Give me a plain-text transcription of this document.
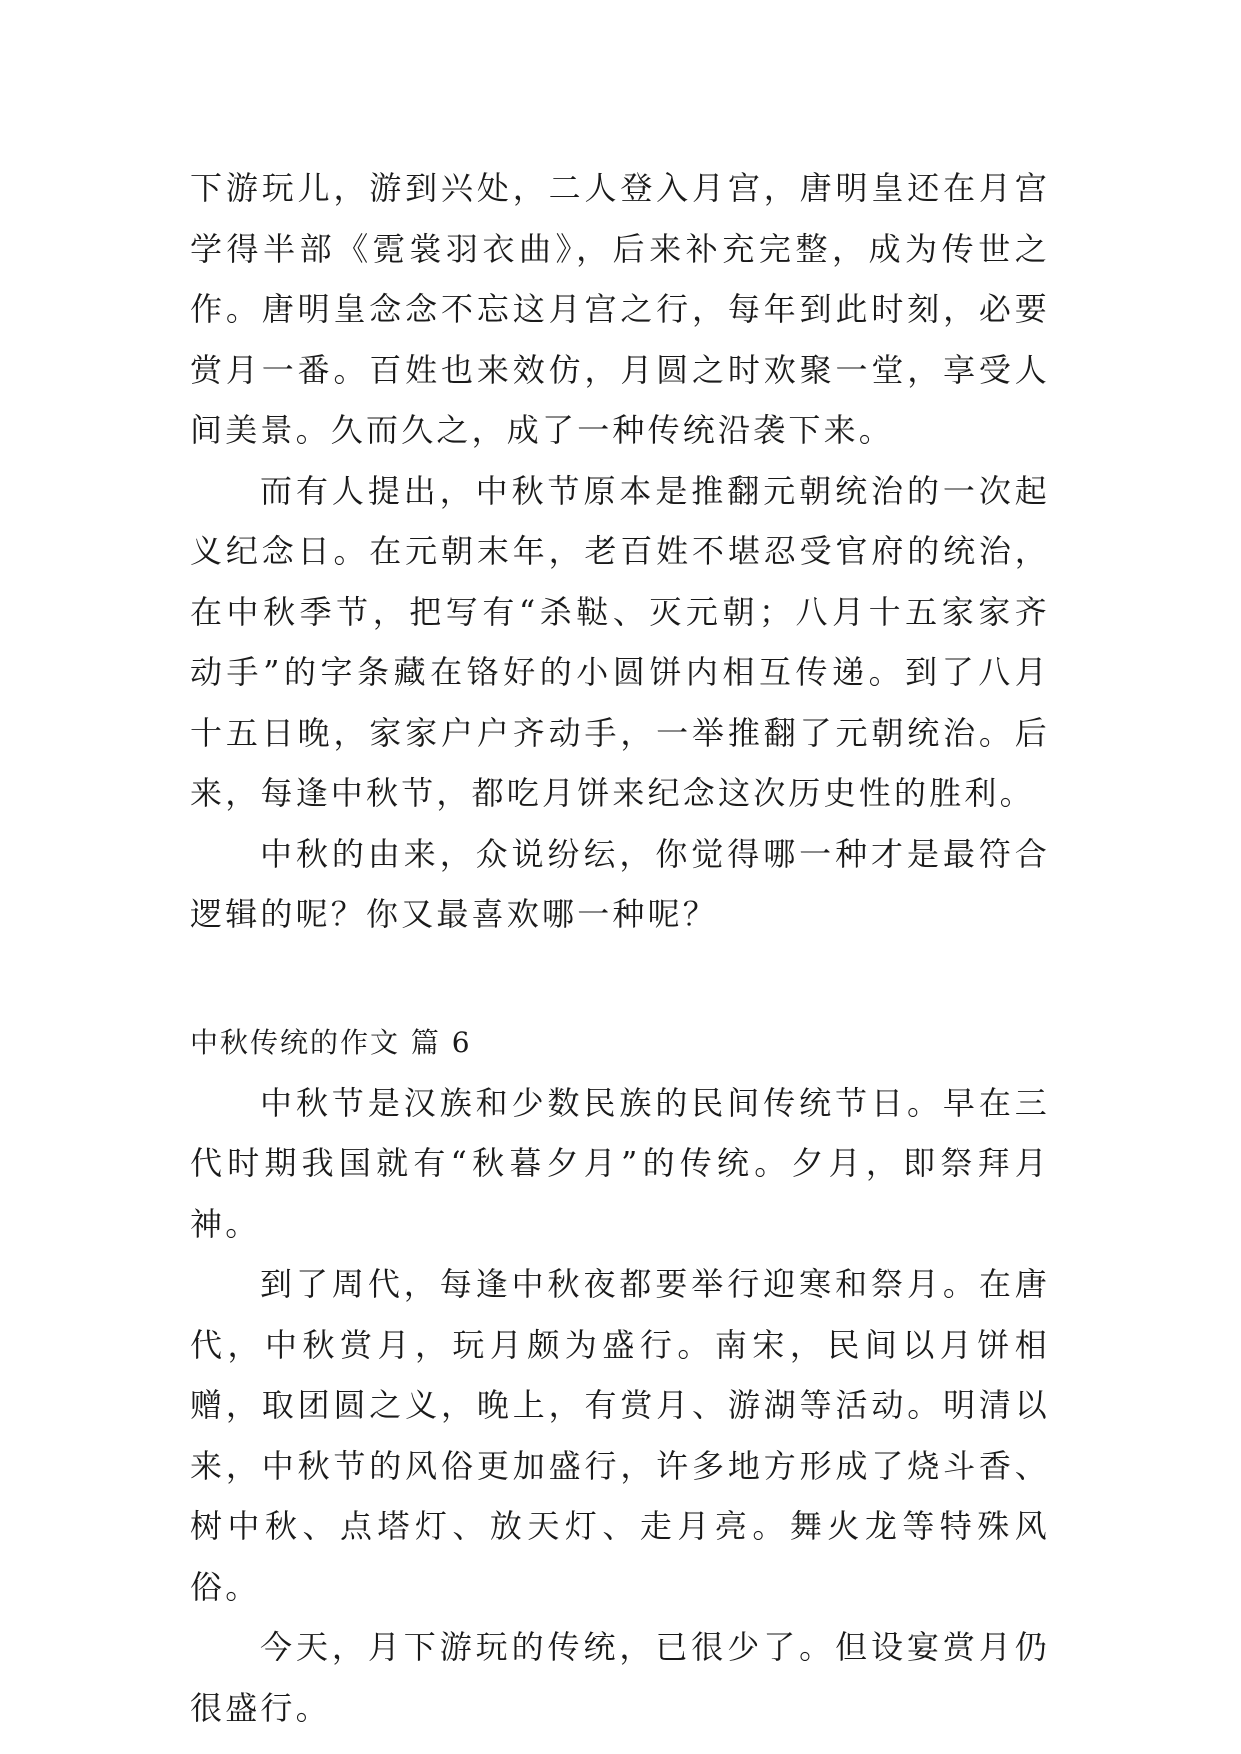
下游玩儿，游到兴处，二人登入月宫，唐明皇还在月宫学得半部《霓裳羽衣曲》，后来补充完整，成为传世之作。唐明皇念念不忘这月宫之行，每年到此时刻，必要赏月一番。百姓也来效仿，月圆之时欢聚一堂，享受人间美景。久而久之，成了一种传统沿袭下来。

而有人提出，中秋节原本是推翻元朝统治的一次起义纪念日。在元朝末年，老百姓不堪忍受官府的统治，在中秋季节，把写有“杀鞑、灭元朝；八月十五家家齐动手”的字条藏在铬好的小圆饼内相互传递。到了八月十五日晚，家家户户齐动手，一举推翻了元朝统治。后来，每逢中秋节，都吃月饼来纪念这次历史性的胜利。

中秋的由来，众说纷纭，你觉得哪一种才是最符合逻辑的呢？你又最喜欢哪一种呢？

中秋传统的作文 篇 6

中秋节是汉族和少数民族的民间传统节日。早在三代时期我国就有“秋暮夕月”的传统。夕月，即祭拜月神。

到了周代，每逢中秋夜都要举行迎寒和祭月。在唐代，中秋赏月，玩月颇为盛行。南宋，民间以月饼相赠，取团圆之义，晚上，有赏月、游湖等活动。明清以来，中秋节的风俗更加盛行，许多地方形成了烧斗香、树中秋、点塔灯、放天灯、走月亮。舞火龙等特殊风俗。

今天，月下游玩的传统，已很少了。但设宴赏月仍很盛行。
